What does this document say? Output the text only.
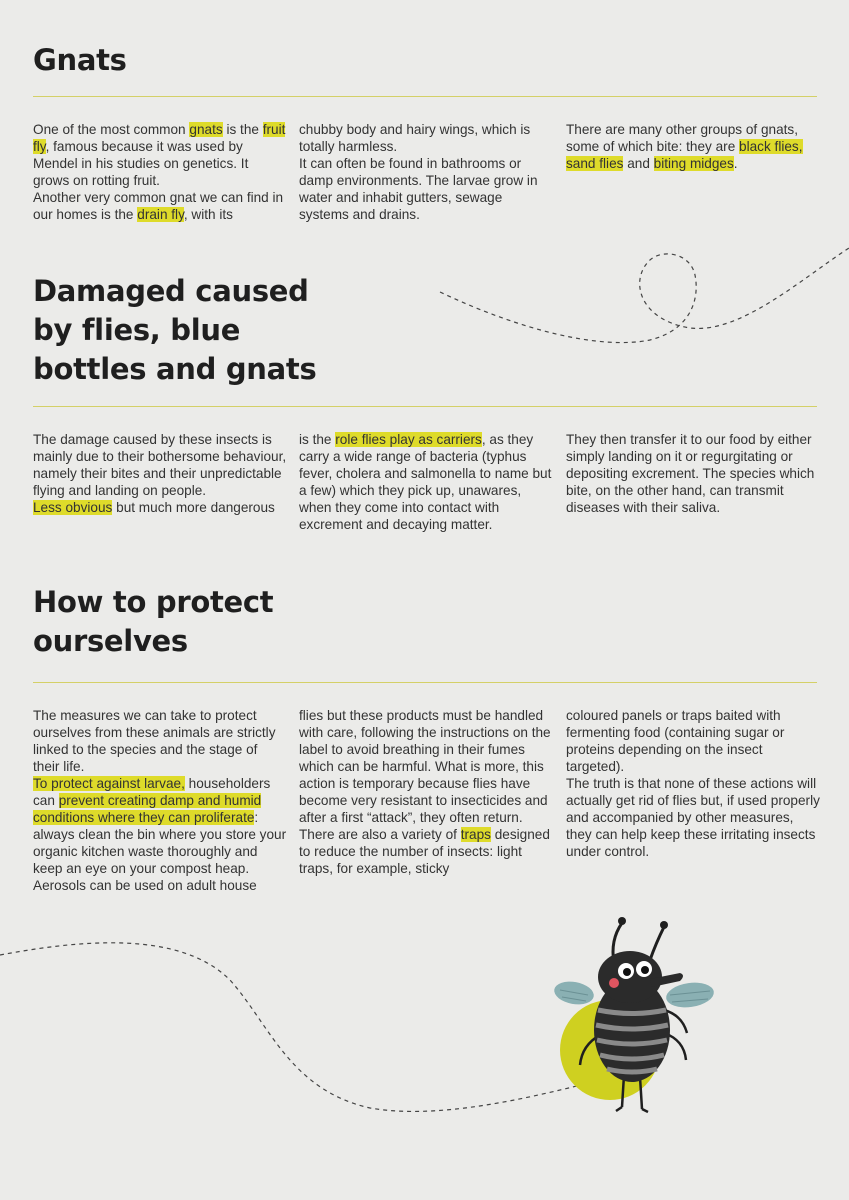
Gnats

One of the most common gnats is the fruit fly, famous because it was used by Mendel in his studies on genetics. It grows on rotting fruit.

Another very common gnat we can find in our homes is the drain fly, with its

chubby body and hairy wings, which is totally harmless.

It can often be found in bathrooms or damp environments. The larvae grow in water and inhabit gutters, sewage systems and drains.

There are many other groups of gnats, some of which bite: they are black flies, sand flies and biting midges.

Damaged caused by flies, blue bottles and gnats

The damage caused by these insects is mainly due to their bothersome behaviour, namely their bites and their unpredictable flying and landing on people.

Less obvious but much more dangerous

is the role flies play as carriers, as they carry a wide range of bacteria (typhus fever, cholera and salmonella to name but a few) which they pick up, unawares, when they come into contact with excrement and decaying matter.

They then transfer it to our food by either simply landing on it or regurgitating or depositing excrement. The species which bite, on the other hand, can transmit diseases with their saliva.

How to protect ourselves

The measures we can take to protect ourselves from these animals are strictly linked to the species and the stage of their life.

To protect against larvae, householders can prevent creating damp and humid conditions where they can proliferate: always clean the bin where you store your organic kitchen waste thoroughly and keep an eye on your compost heap. Aerosols can be used on adult house

flies but these products must be handled with care, following the instructions on the label to avoid breathing in their fumes which can be harmful. What is more, this action is temporary because flies have become very resistant to insecticides and after a first “attack”, they often return.

There are also a variety of traps designed to reduce the number of insects: light traps, for example, sticky

coloured panels or traps baited with fermenting food (containing sugar or proteins depending on the insect targeted).

The truth is that none of these actions will actually get rid of flies but, if used properly and accompanied by other measures, they can help keep these irritating insects under control.
